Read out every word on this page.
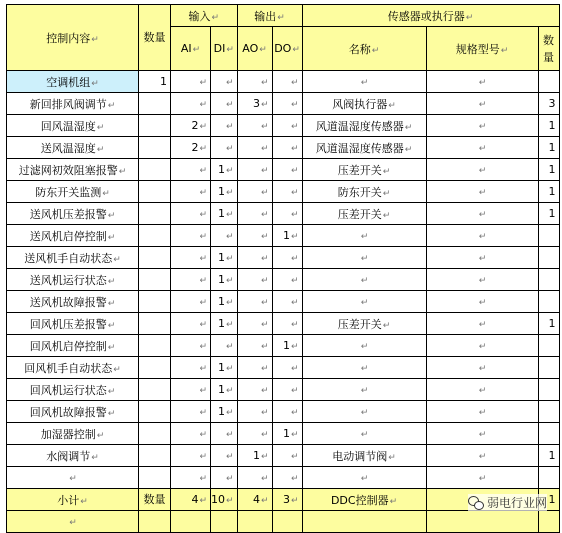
控制内容↵	数量	输入↵		输出↵		传感器或执行器↵		
		AI↵	DI↵	AO↵	DO↵	名称↵	规格型号↵	数量
空调机组↵	1	↵	↵	↵	↵	↵	↵	
新回排风阀调节↵		↵	↵	3↵	↵	风阀执行器↵	↵	3
回风温湿度↵		2↵	↵	↵	↵	风道温湿度传感器↵	↵	1
送风温湿度↵		2↵	↵	↵	↵	风道温湿度传感器↵	↵	1
过滤网初效阻塞报警↵		↵	1↵	↵	↵	压差开关↵	↵	1
防东开关监测↵		↵	1↵	↵	↵	防东开关↵	↵	1
送风机压差报警↵		↵	1↵	↵	↵	压差开关↵	↵	1
送风机启停控制↵		↵	↵	↵	1↵	↵	↵	
送风机手自动状态↵		↵	1↵	↵	↵	↵	↵	
送风机运行状态↵		↵	1↵	↵	↵	↵	↵	
送风机故障报警↵		↵	1↵	↵	↵	↵	↵	
回风机压差报警↵		↵	1↵	↵	↵	压差开关↵	↵	1
回风机启停控制↵		↵	↵	↵	1↵	↵	↵	
回风机手自动状态↵		↵	1↵	↵	↵	↵	↵	
回风机运行状态↵		↵	1↵	↵	↵	↵	↵	
回风机故障报警↵		↵	1↵	↵	↵	↵	↵	
加湿器控制↵		↵	↵	↵	1↵	↵	↵	
水阀调节↵		↵	↵	1↵	↵	电动调节阀↵	↵	1
↵		↵	↵	↵	↵	↵	↵	
小计↵	数量	4↵	10↵	4↵	3↵	DDC控制器↵		1
↵								
弱电行业网
